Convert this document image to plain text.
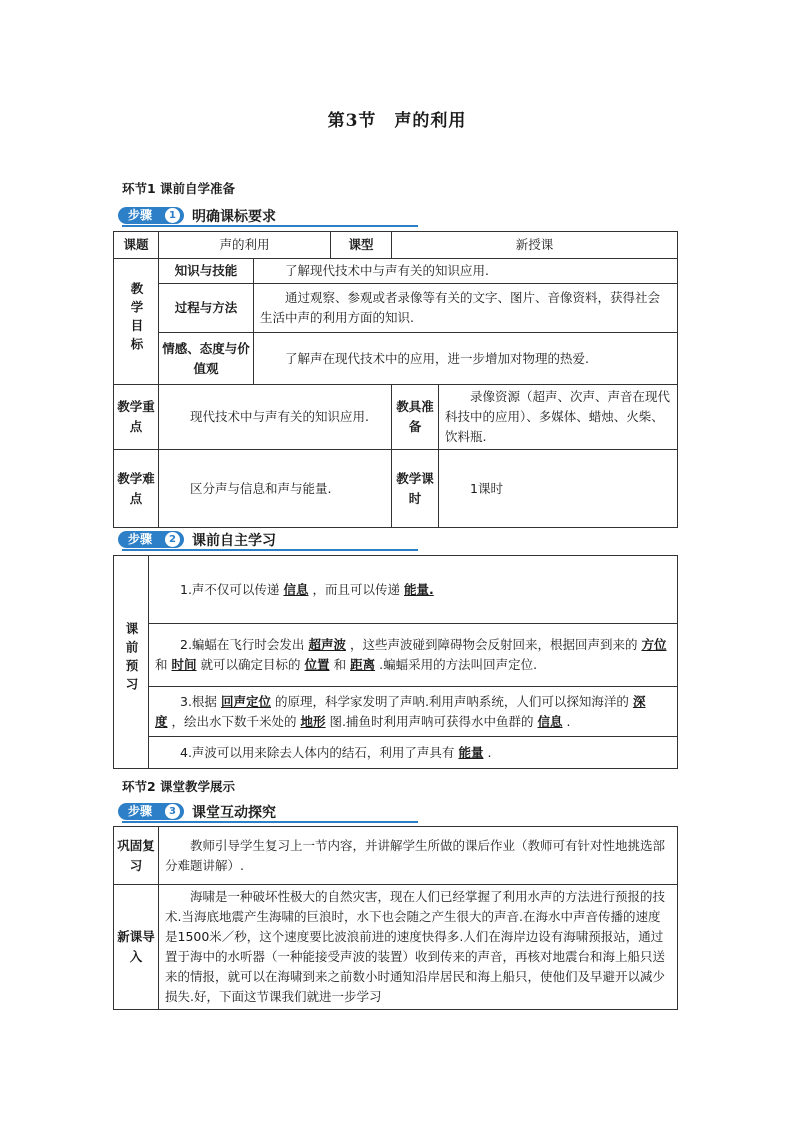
第3节 声的利用
环节1 课前自学准备
步骤	1 明确课标要求
课题	声的利用		课型	新授课	
教学目标	知识与技能	了解现代技术中与声有关的知识应用.			
	过程与方法	通过观察、参观或者录像等有关的文字、图片、音像资料，获得社会生活中声的利用方面的知识.			
	情感、态度与价值观	了解声在现代技术中的应用，进一步增加对物理的热爱.			
教学重点	现代技术中与声有关的知识应用.			教具准备	录像资源（超声、次声、声音在现代科技中的应用）、多媒体、蜡烛、火柴、饮料瓶.
教学难点	区分声与信息和声与能量.			教学课时	1课时
步骤	2 课前自主学习
课前预习	1.声不仅可以传递 信息 ，而且可以传递 能量.
2.蝙蝠在飞行时会发出 超声波 ，这些声波碰到障碍物会反射回来，根据回声到来的 方位和 时间 就可以确定目标的 位置 和 距离 .蝙蝠采用的方法叫回声定位.
3.根据 回声定位 的原理，科学家发明了声呐.利用声呐系统，人们可以探知海洋的 深度 ，绘出水下数千米处的 地形 图.捕鱼时利用声呐可获得水中鱼群的 信息 .
4.声波可以用来除去人体内的结石，利用了声具有 能量 .
环节2 课堂教学展示
步骤	3 课堂互动探究
巩固复习	教师引导学生复习上一节内容，并讲解学生所做的课后作业（教师可有针对性地挑选部分难题讲解）.
新课导入	海啸是一种破坏性极大的自然灾害，现在人们已经掌握了利用水声的方法进行预报的技术.当海底地震产生海啸的巨浪时，水下也会随之产生很大的声音.在海水中声音传播的速度是1500米／秒，这个速度要比波浪前进的速度快得多.人们在海岸边设有海啸预报站，通过置于海中的水听器（一种能接受声波的装置）收到传来的声音，再核对地震台和海上船只送来的情报，就可以在海啸到来之前数小时通知沿岸居民和海上船只，使他们及早避开以减少损失.好，下面这节课我们就进一步学习
